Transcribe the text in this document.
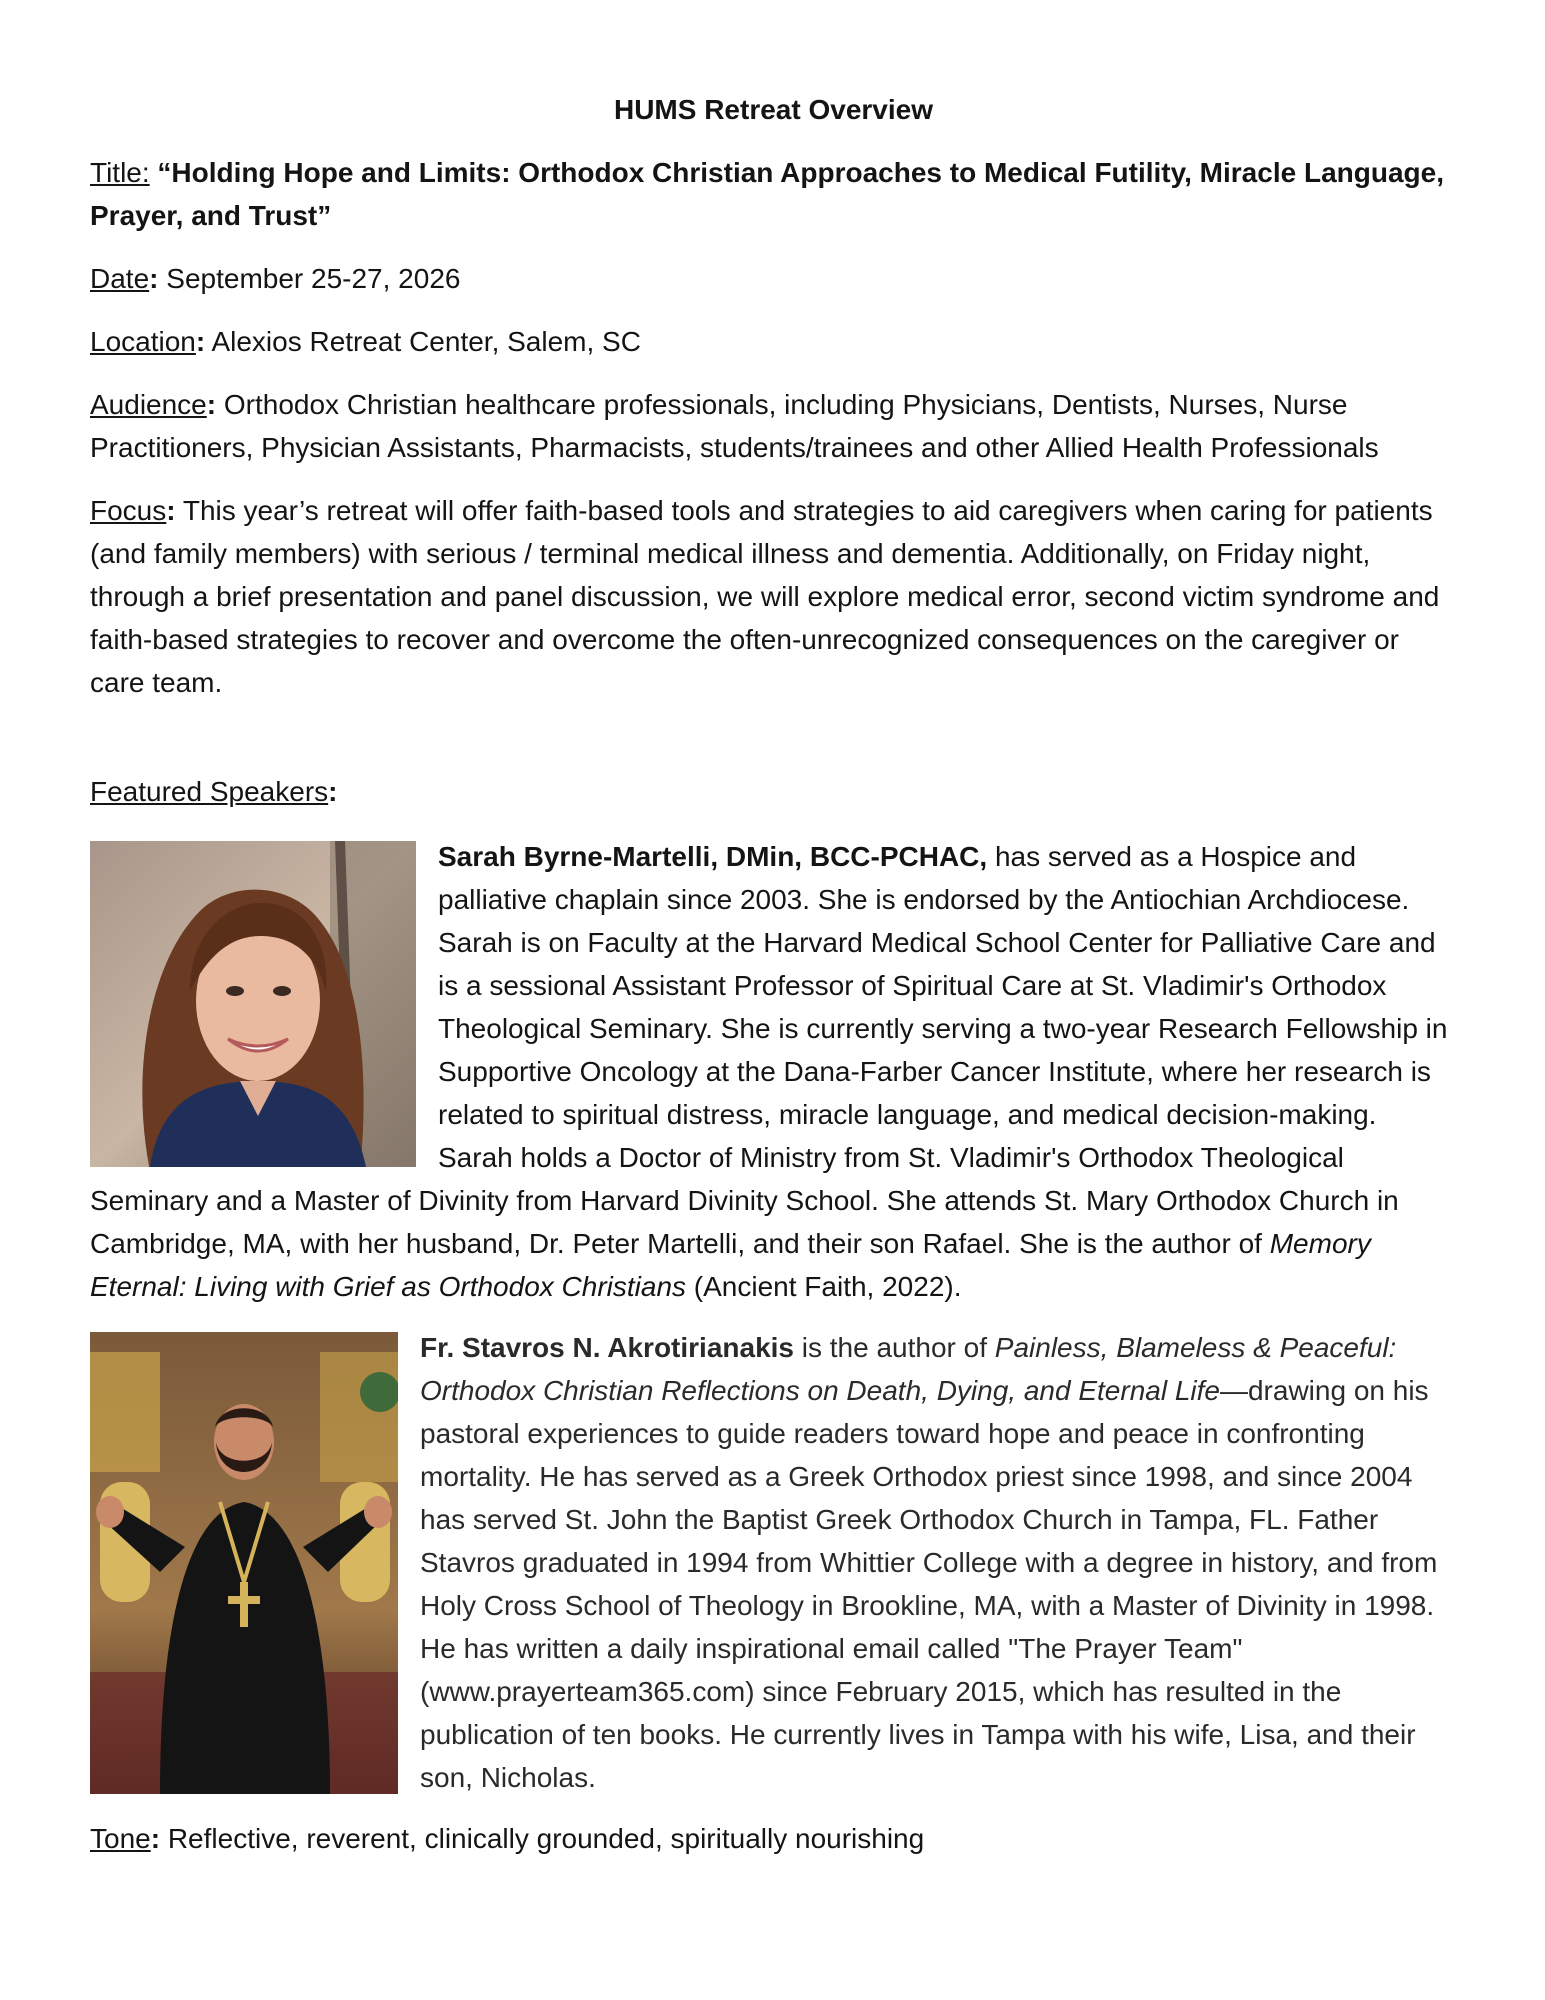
HUMS Retreat Overview

Title: “Holding Hope and Limits: Orthodox Christian Approaches to Medical Futility, Miracle Language, Prayer, and Trust”

Date: September 25-27, 2026

Location: Alexios Retreat Center, Salem, SC

Audience: Orthodox Christian healthcare professionals, including Physicians, Dentists, Nurses, Nurse Practitioners, Physician Assistants, Pharmacists, students/trainees and other Allied Health Professionals

Focus: This year’s retreat will offer faith-based tools and strategies to aid caregivers when caring for patients (and family members) with serious / terminal medical illness and dementia. Additionally, on Friday night, through a brief presentation and panel discussion, we will explore medical error, second victim syndrome and faith-based strategies to recover and overcome the often-unrecognized consequences on the caregiver or care team.

Featured Speakers:

Sarah Byrne-Martelli, DMin, BCC-PCHAC, has served as a Hospice and palliative chaplain since 2003. She is endorsed by the Antiochian Archdiocese. Sarah is on Faculty at the Harvard Medical School Center for Palliative Care and is a sessional Assistant Professor of Spiritual Care at St. Vladimir's Orthodox Theological Seminary. She is currently serving a two-year Research Fellowship in Supportive Oncology at the Dana-Farber Cancer Institute, where her research is related to spiritual distress, miracle language, and medical decision-making. Sarah holds a Doctor of Ministry from St. Vladimir's Orthodox Theological Seminary and a Master of Divinity from Harvard Divinity School. She attends St. Mary Orthodox Church in Cambridge, MA, with her husband, Dr. Peter Martelli, and their son Rafael. She is the author of Memory Eternal: Living with Grief as Orthodox Christians (Ancient Faith, 2022).
Fr. Stavros N. Akrotirianakis is the author of Painless, Blameless & Peaceful: Orthodox Christian Reflections on Death, Dying, and Eternal Life—drawing on his pastoral experiences to guide readers toward hope and peace in confronting mortality. He has served as a Greek Orthodox priest since 1998, and since 2004 has served St. John the Baptist Greek Orthodox Church in Tampa, FL. Father Stavros graduated in 1994 from Whittier College with a degree in history, and from Holy Cross School of Theology in Brookline, MA, with a Master of Divinity in 1998. He has written a daily inspirational email called "The Prayer Team" (www.prayerteam365.com) since February 2015, which has resulted in the publication of ten books. He currently lives in Tampa with his wife, Lisa, and their son, Nicholas.

Tone: Reflective, reverent, clinically grounded, spiritually nourishing
